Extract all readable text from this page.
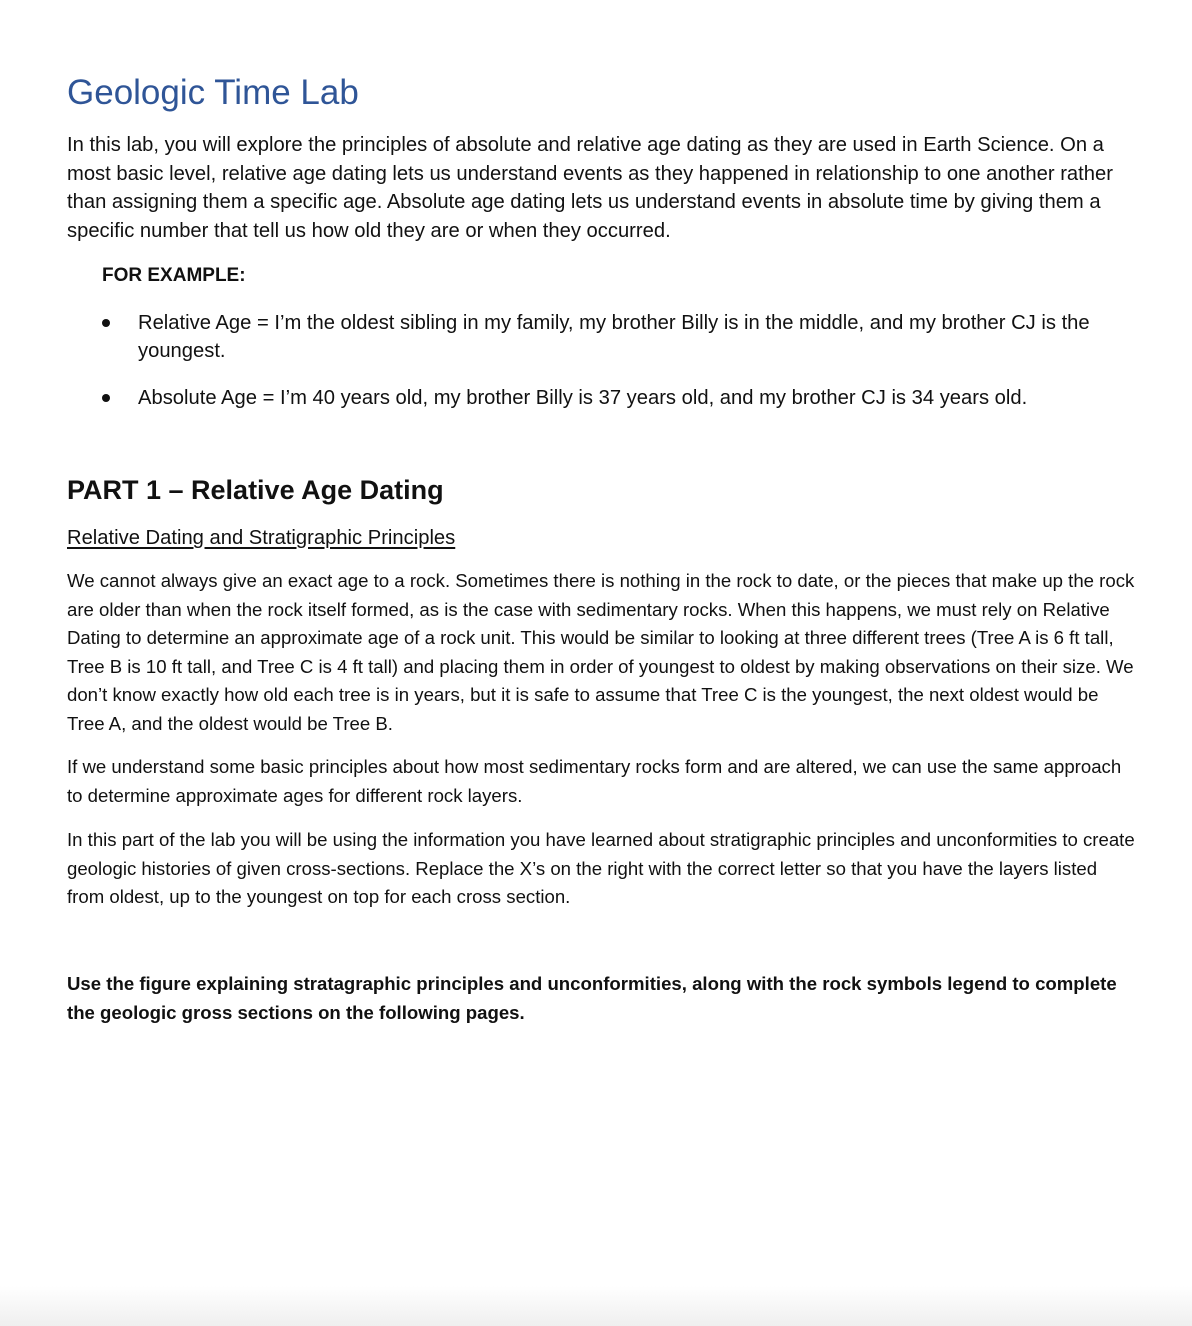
Geologic Time Lab

In this lab, you will explore the principles of absolute and relative age dating as they are used in Earth Science. On a most basic level, relative age dating lets us understand events as they happened in relationship to one another rather than assigning them a specific age. Absolute age dating lets us understand events in absolute time by giving them a specific number that tell us how old they are or when they occurred.

FOR EXAMPLE:

Relative Age = I’m the oldest sibling in my family, my brother Billy is in the middle, and my brother CJ is the youngest.
Absolute Age = I’m 40 years old, my brother Billy is 37 years old, and my brother CJ is 34 years old.
PART 1 – Relative Age Dating

Relative Dating and Stratigraphic Principles

We cannot always give an exact age to a rock. Sometimes there is nothing in the rock to date, or the pieces that make up the rock are older than when the rock itself formed, as is the case with sedimentary rocks. When this happens, we must rely on Relative Dating to determine an approximate age of a rock unit. This would be similar to looking at three different trees (Tree A is 6 ft tall, Tree B is 10 ft tall, and Tree C is 4 ft tall) and placing them in order of youngest to oldest by making observations on their size. We don’t know exactly how old each tree is in years, but it is safe to assume that Tree C is the youngest, the next oldest would be Tree A, and the oldest would be Tree B.

If we understand some basic principles about how most sedimentary rocks form and are altered, we can use the same approach to determine approximate ages for different rock layers.

In this part of the lab you will be using the information you have learned about stratigraphic principles and unconformities to create geologic histories of given cross-sections. Replace the X’s on the right with the correct letter so that you have the layers listed from oldest, up to the youngest on top for each cross section.

Use the figure explaining stratagraphic principles and unconformities, along with the rock symbols legend to complete the geologic gross sections on the following pages.
